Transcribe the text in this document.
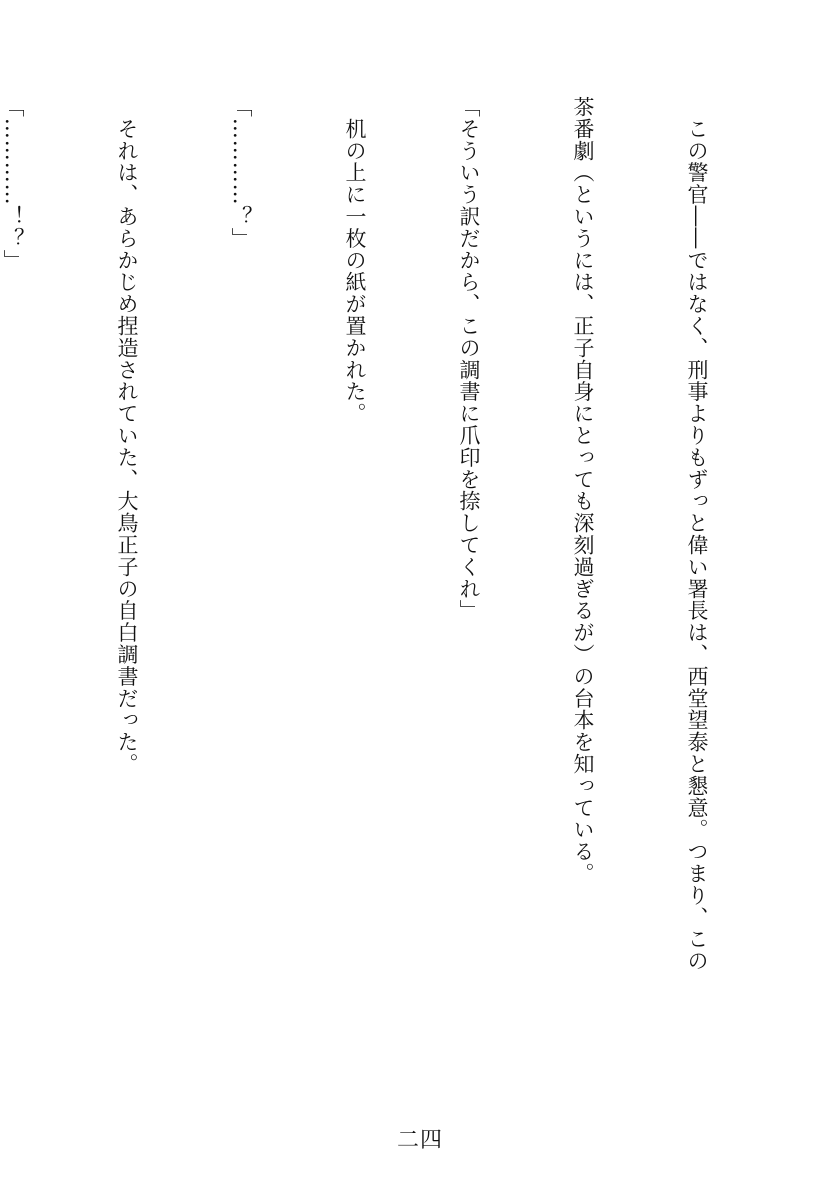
　この警官――ではなく、刑事よりもずっと偉い署長は、西堂望泰と懇意。つまり、この

茶番劇（というには、正子自身にとっても深刻過ぎるが）の台本を知っている。

「そういう訳だから、この調書に爪印を捺してくれ」

　机の上に一枚の紙が置かれた。

「…………？」

　それは、あらかじめ捏造されていた、大鳥正子の自白調書だった。

「…………！？」

二四
